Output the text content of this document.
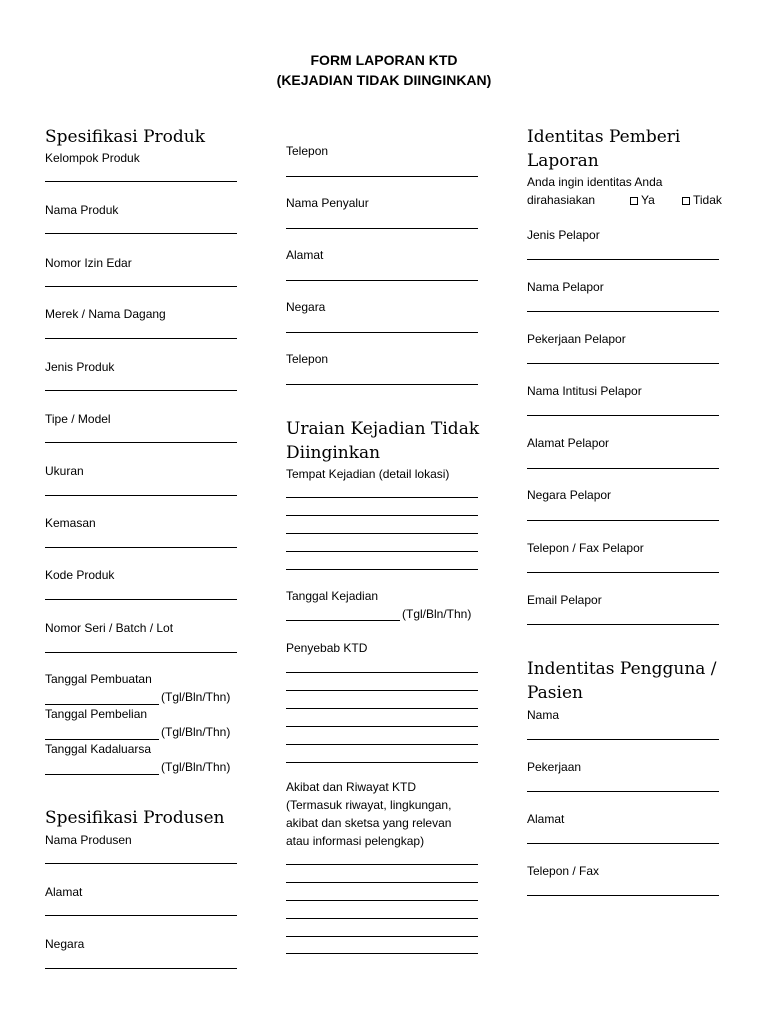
FORM LAPORAN KTD
(KEJADIAN TIDAK DIINGINKAN)
Spesifikasi Produk
Kelompok Produk
Nama Produk
Nomor Izin Edar
Merek / Nama Dagang
Jenis Produk
Tipe / Model
Ukuran
Kemasan
Kode Produk
Nomor Seri / Batch / Lot
Tanggal Pembuatan
(Tgl/Bln/Thn)
Tanggal Pembelian
(Tgl/Bln/Thn)
Tanggal Kadaluarsa
(Tgl/Bln/Thn)
Spesifikasi Produsen
Nama Produsen
Alamat
Negara
Telepon
Nama Penyalur
Alamat
Negara
Telepon
Uraian Kejadian Tidak
Diinginkan
Tempat Kejadian (detail lokasi)
Tanggal Kejadian
(Tgl/Bln/Thn)
Penyebab KTD
Akibat dan Riwayat KTD
(Termasuk riwayat, lingkungan,
akibat dan sketsa yang relevan
atau informasi pelengkap)
Identitas Pemberi
Laporan
Anda ingin identitas Anda
dirahasiakan	Ya	Tidak
Jenis Pelapor
Nama Pelapor
Pekerjaan Pelapor
Nama Intitusi Pelapor
Alamat Pelapor
Negara Pelapor
Telepon / Fax Pelapor
Email Pelapor
Indentitas Pengguna /
Pasien
Nama
Pekerjaan
Alamat
Telepon / Fax
